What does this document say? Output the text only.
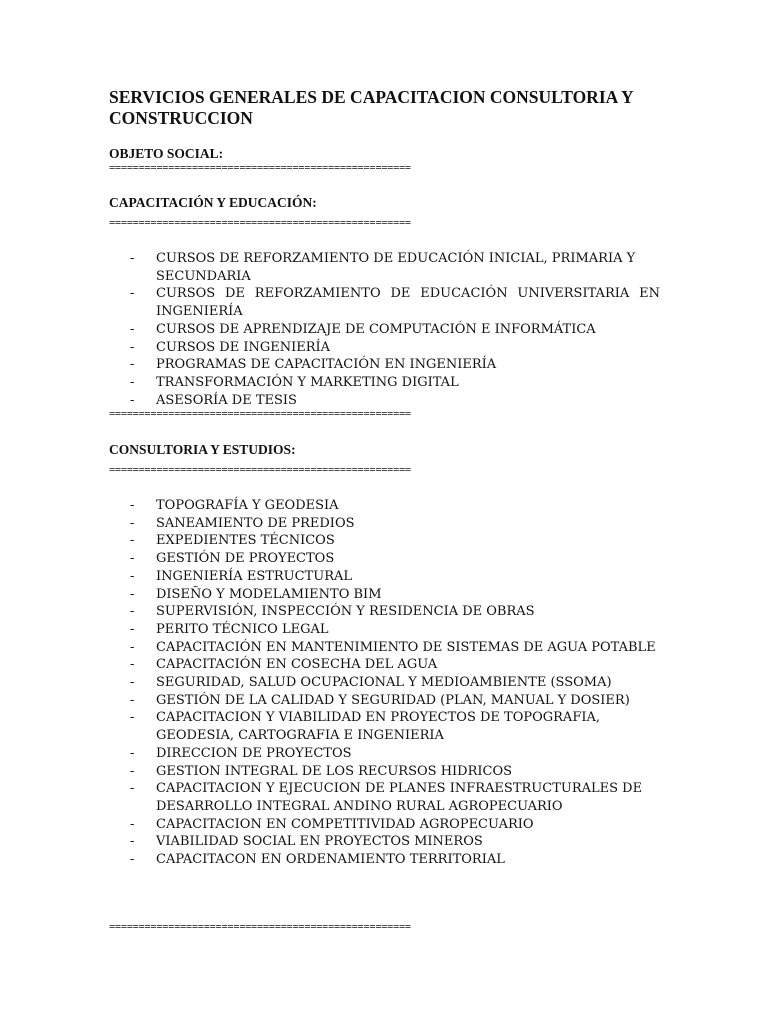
SERVICIOS GENERALES DE CAPACITACION CONSULTORIA Y CONSTRUCCION
OBJETO SOCIAL:
===================================================
CAPACITACIÓN Y EDUCACIÓN:
===================================================
- CURSOS DE REFORZAMIENTO DE EDUCACIÓN INICIAL, PRIMARIA Y SECUNDARIA
- CURSOS DE REFORZAMIENTO DE EDUCACIÓN UNIVERSITARIA EN INGENIERÍA
- CURSOS DE APRENDIZAJE DE COMPUTACIÓN E INFORMÁTICA
- CURSOS DE INGENIERÍA
- PROGRAMAS DE CAPACITACIÓN EN INGENIERÍA
- TRANSFORMACIÓN Y MARKETING DIGITAL
- ASESORÍA DE TESIS
===================================================
CONSULTORIA Y ESTUDIOS:
===================================================
- TOPOGRAFÍA Y GEODESIA
- SANEAMIENTO DE PREDIOS
- EXPEDIENTES TÉCNICOS
- GESTIÓN DE PROYECTOS
- INGENIERÍA ESTRUCTURAL
- DISEÑO Y MODELAMIENTO BIM
- SUPERVISIÓN, INSPECCIÓN Y RESIDENCIA DE OBRAS
- PERITO TÉCNICO LEGAL
- CAPACITACIÓN EN MANTENIMIENTO DE SISTEMAS DE AGUA POTABLE
- CAPACITACIÓN EN COSECHA DEL AGUA
- SEGURIDAD, SALUD OCUPACIONAL Y MEDIOAMBIENTE (SSOMA)
- GESTIÓN DE LA CALIDAD Y SEGURIDAD (PLAN, MANUAL Y DOSIER)
- CAPACITACION Y VIABILIDAD EN PROYECTOS DE TOPOGRAFIA, GEODESIA, CARTOGRAFIA E INGENIERIA
- DIRECCION DE PROYECTOS
- GESTION INTEGRAL DE LOS RECURSOS HIDRICOS
- CAPACITACION Y EJECUCION DE PLANES INFRAESTRUCTURALES DE DESARROLLO INTEGRAL ANDINO RURAL AGROPECUARIO
- CAPACITACION EN COMPETITIVIDAD AGROPECUARIO
- VIABILIDAD SOCIAL EN PROYECTOS MINEROS
- CAPACITACON EN ORDENAMIENTO TERRITORIAL
===================================================
